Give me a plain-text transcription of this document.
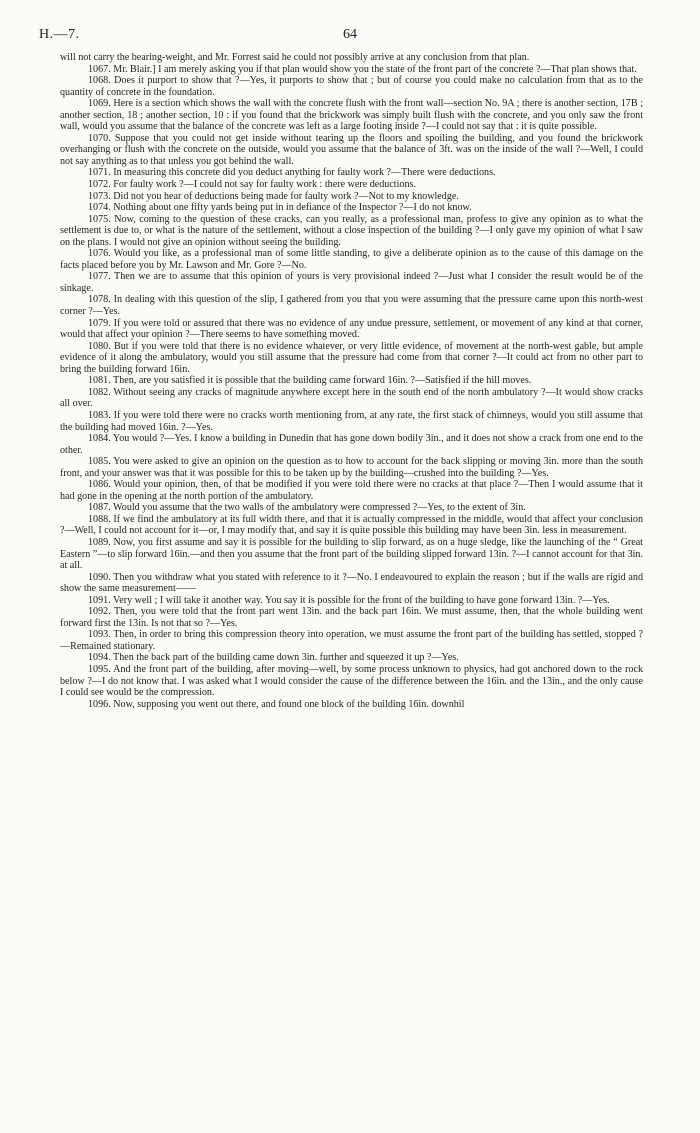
H.—7.	64

will not carry the bearing-weight, and Mr. Forrest said he could not possibly arrive at any conclusion from that plan.

1067. Mr. Blair.] I am merely asking you if that plan would show you the state of the front part of the concrete ?—That plan shows that.

1068. Does it purport to show that ?—Yes, it purports to show that ; but of course you could make no calculation from that as to the quantity of concrete in the foundation.

1069. Here is a section which shows the wall with the concrete flush with the front wall—section No. 9A ; there is another section, 17B ; another section, 18 ; another section, 10 : if you found that the brickwork was simply built flush with the concrete, and you only saw the front wall, would you assume that the balance of the concrete was left as a large footing inside ?—I could not say that : it is quite possible.

1070. Suppose that you could not get inside without tearing up the floors and spoiling the building, and you found the brickwork overhanging or flush with the concrete on the outside, would you assume that the balance of 3ft. was on the inside of the wall ?—Well, I could not say anything as to that unless you got behind the wall.

1071. In measuring this concrete did you deduct anything for faulty work ?—There were deductions.

1072. For faulty work ?—I could not say for faulty work : there were deductions.

1073. Did not you hear of deductions being made for faulty work ?—Not to my knowledge.

1074. Nothing about one fifty yards being put in in defiance of the Inspector ?—I do not know.

1075. Now, coming to the question of these cracks, can you really, as a professional man, profess to give any opinion as to what the settlement is due to, or what is the nature of the settlement, without a close inspection of the building ?—I only gave my opinion of what I saw on the plans. I would not give an opinion without seeing the building.

1076. Would you like, as a professional man of some little standing, to give a deliberate opinion as to the cause of this damage on the facts placed before you by Mr. Lawson and Mr. Gore ?—No.

1077. Then we are to assume that this opinion of yours is very provisional indeed ?—Just what I consider the result would be of the sinkage.

1078. In dealing with this question of the slip, I gathered from you that you were assuming that the pressure came upon this north-west corner ?—Yes.

1079. If you were told or assured that there was no evidence of any undue pressure, settlement, or movement of any kind at that corner, would that affect your opinion ?—There seems to have something moved.

1080. But if you were told that there is no evidence whatever, or very little evidence, of movement at the north-west gable, but ample evidence of it along the ambulatory, would you still assume that the pressure had come from that corner ?—It could act from no other part to bring the building forward 16in.

1081. Then, are you satisfied it is possible that the building came forward 16in. ?—Satisfied if the hill moves.

1082. Without seeing any cracks of magnitude anywhere except here in the south end of the north ambulatory ?—It would show cracks all over.

1083. If you were told there were no cracks worth mentioning from, at any rate, the first stack of chimneys, would you still assume that the building had moved 16in. ?—Yes.

1084. You would ?—Yes. I know a building in Dunedin that has gone down bodily 3in., and it does not show a crack from one end to the other.

1085. You were asked to give an opinion on the question as to how to account for the back slipping or moving 3in. more than the south front, and your answer was that it was possible for this to be taken up by the building—crushed into the building ?—Yes.

1086. Would your opinion, then, of that be modified if you were told there were no cracks at that place ?—Then I would assume that it had gone in the opening at the north portion of the ambulatory.

1087. Would you assume that the two walls of the ambulatory were compressed ?—Yes, to the extent of 3in.

1088. If we find the ambulatory at its full width there, and that it is actually compressed in the middle, would that affect your conclusion ?—Well, I could not account for it—or, I may modify that, and say it is quite possible this building may have been 3in. less in measurement.

1089. Now, you first assume and say it is possible for the building to slip forward, as on a huge sledge, like the launching of the “ Great Eastern ”—to slip forward 16in.—and then you assume that the front part of the building slipped forward 13in. ?—I cannot account for that 3in. at all.

1090. Then you withdraw what you stated with reference to it ?—No. I endeavoured to explain the reason ; but if the walls are rigid and show the same measurement——

1091. Very well ; I will take it another way. You say it is possible for the front of the building to have gone forward 13in. ?—Yes.

1092. Then, you were told that the front part went 13in. and the back part 16in. We must assume, then, that the whole building went forward first the 13in. Is not that so ?—Yes.

1093. Then, in order to bring this compression theory into operation, we must assume the front part of the building has settled, stopped ?—Remained stationary.

1094. Then the back part of the building came down 3in. further and squeezed it up ?—Yes.

1095. And the front part of the building, after moving—well, by some process unknown to physics, had got anchored down to the rock below ?—I do not know that. I was asked what I would consider the cause of the difference between the 16in. and the 13in., and the only cause I could see would be the compression.

1096. Now, supposing you went out there, and found one block of the building 16in. downhil
